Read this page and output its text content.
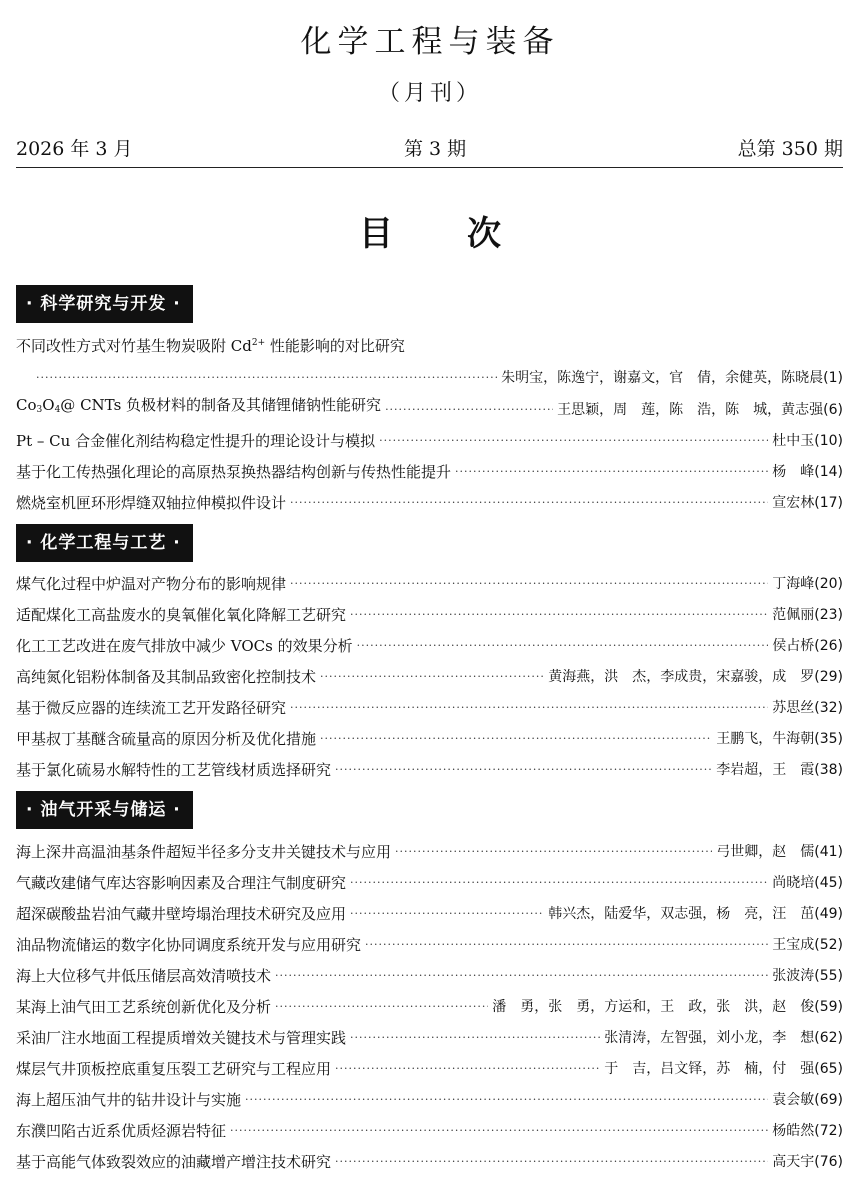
化学工程与装备
（月刊）
2026 年 3 月	第 3 期	总第 350 期
目 次
· 科学研究与开发 ·
不同改性方式对竹基生物炭吸附 $Cd^{2+}$ 性能影响的对比研究
·····
朱明宝，陈逸宁，谢嘉文，官　倩，余健英，陈晓晨 (1)
$Co_3O_4@$ CNTs 负极材料的制备及其储锂储钠性能研究 ·····	王思颖，周　莲，陈　浩，陈　城，黄志强 (6)
Pt – Cu 合金催化剂结构稳定性提升的理论设计与模拟 ·····	杜中玉 (10)
基于化工传热强化理论的高原热泵换热器结构创新与传热性能提升 ·····	杨　峰 (14)
燃烧室机匣环形焊缝双轴拉伸模拟件设计 ·····	宣宏林 (17)
· 化学工程与工艺 ·
煤气化过程中炉温对产物分布的影响规律 ·····	丁海峰 (20)
适配煤化工高盐废水的臭氧催化氧化降解工艺研究 ·····	范佩丽 (23)
化工工艺改进在废气排放中减少 VOCs 的效果分析 ·····	侯占桥 (26)
高纯氮化铝粉体制备及其制品致密化控制技术 ·····	黄海燕，洪　杰，李成贵，宋嘉骏，成　罗 (29)
基于微反应器的连续流工艺开发路径研究 ·····	苏思丝 (32)
甲基叔丁基醚含硫量高的原因分析及优化措施 ·····	王鹏飞，牛海朝 (35)
基于氯化硫易水解特性的工艺管线材质选择研究 ·····	李岩超，王　霞 (38)
· 油气开采与储运 ·
海上深井高温油基条件超短半径多分支井关键技术与应用 ·····	弓世卿，赵　儒 (41)
气藏改建储气库达容影响因素及合理注气制度研究 ·····	尚晓培 (45)
超深碳酸盐岩油气藏井壁垮塌治理技术研究及应用 ·····	韩兴杰，陆爱华，双志强，杨　亮，汪　茁 (49)
油品物流储运的数字化协同调度系统开发与应用研究 ·····	王宝成 (52)
海上大位移气井低压储层高效清喷技术 ·····	张波涛 (55)
某海上油气田工艺系统创新优化及分析 ·····	潘　勇，张　勇，方运和，王　政，张　洪，赵　俊 (59)
采油厂注水地面工程提质增效关键技术与管理实践 ·····	张清涛，左智强，刘小龙，李　想 (62)
煤层气井顶板控底重复压裂工艺研究与工程应用 ·····	于　吉，吕文铎，苏　楠，付　强 (65)
海上超压油气井的钻井设计与实施 ·····	袁会敏 (69)
东濮凹陷古近系优质烃源岩特征 ·····	杨皓然 (72)
基于高能气体致裂效应的油藏增产增注技术研究 ·····	高天宇 (76)
